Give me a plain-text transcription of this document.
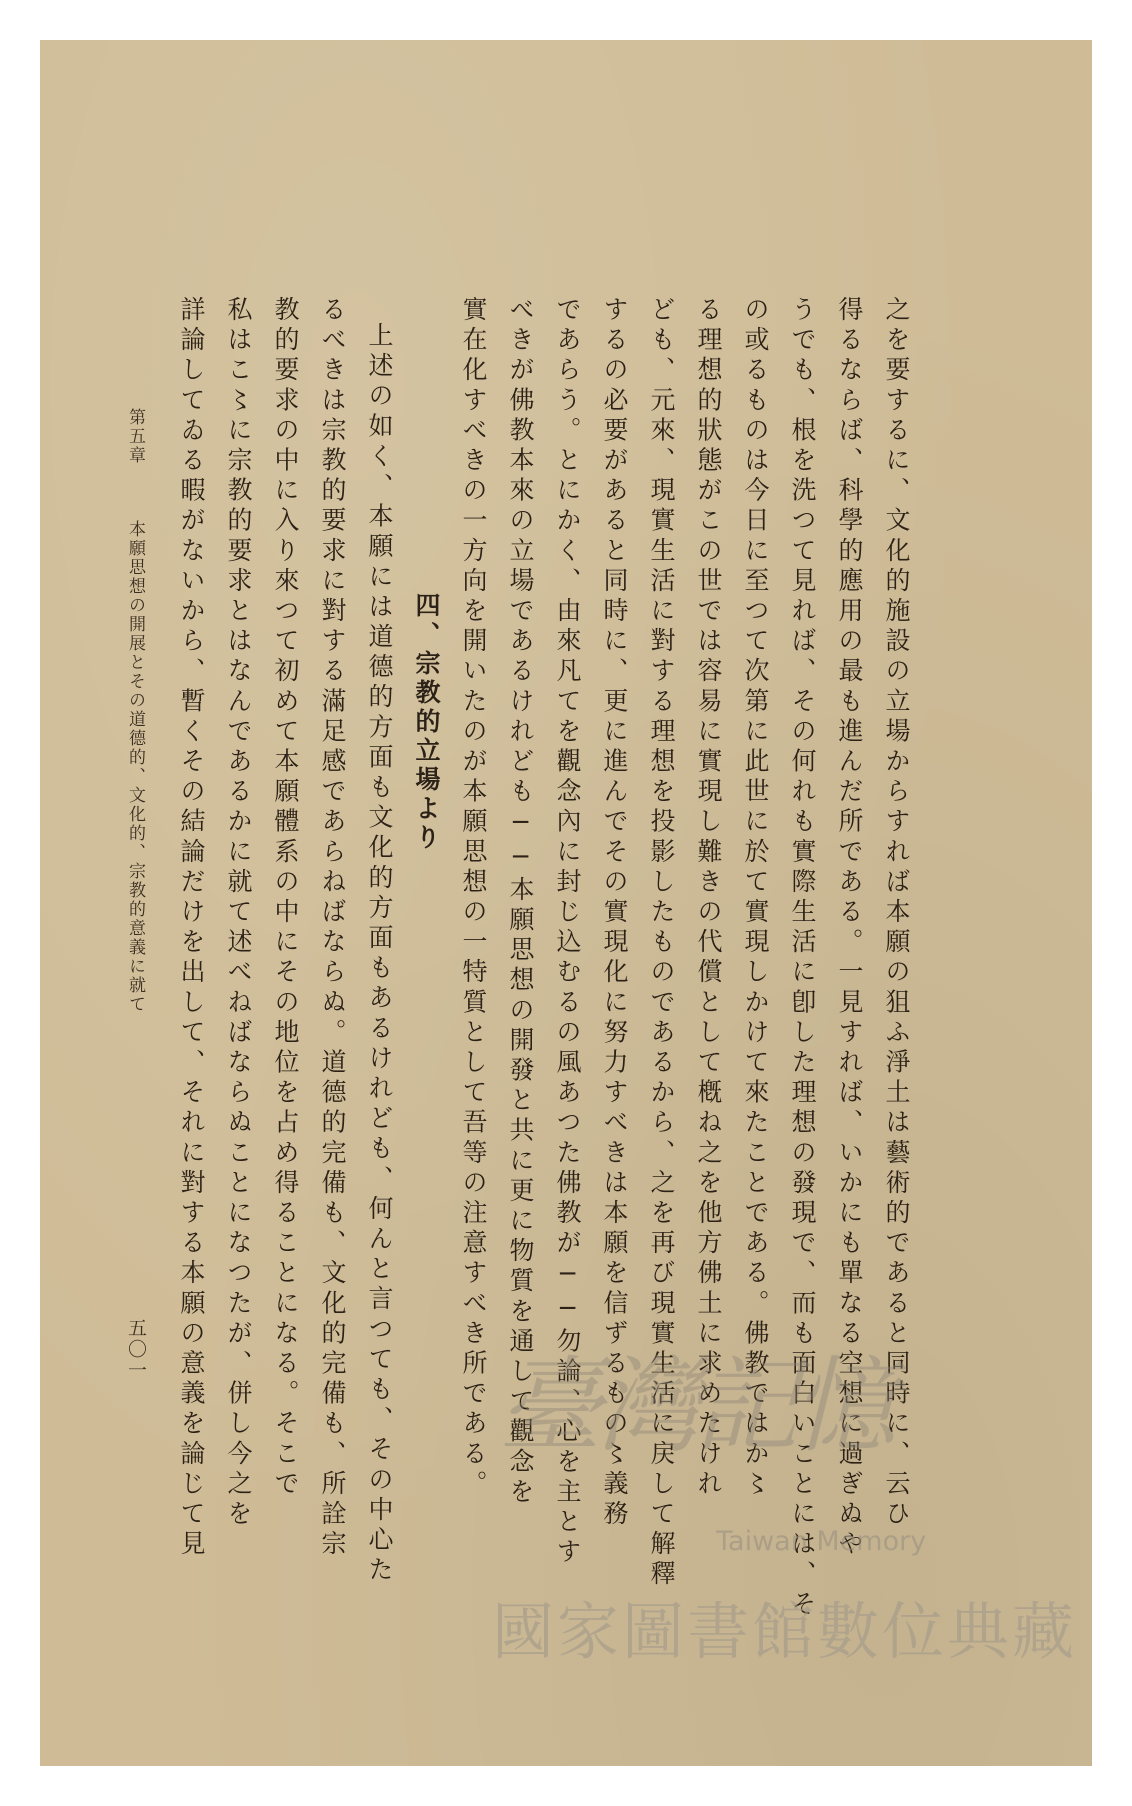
之を要するに、文化的施設の立場からすれば本願の狙ふ淨土は藝術的であると同時に、云ひ
得るならば、科學的應用の最も進んだ所である。一見すれば、いかにも單なる空想に過ぎぬや
うでも、根を洗つて見れば、その何れも實際生活に卽した理想の發現で、而も面白いことには、そ
の或るものは今日に至つて次第に此世に於て實現しかけて來たことである。佛教ではか〻
る理想的狀態がこの世では容易に實現し難きの代償として槪ね之を他方佛土に求めたけれ
ども、元來、現實生活に對する理想を投影したものであるから、之を再び現實生活に戻して解釋
するの必要があると同時に、更に進んでその實現化に努力すべきは本願を信ずるもの〻義務
であらう。とにかく、由來凡てを觀念內に封じ込むるの風あつた佛教が──勿論、心を主とす
べきが佛教本來の立場であるけれども──本願思想の開發と共に更に物質を通して觀念を
實在化すべきの一方向を開いたのが本願思想の一特質として吾等の注意すべき所である。
四、宗教的立場より
上述の如く、本願には道德的方面も文化的方面もあるけれども、何んと言つても、その中心た
るべきは宗教的要求に對する滿足感であらねばならぬ。道德的完備も、文化的完備も、所詮宗
教的要求の中に入り來つて初めて本願體系の中にその地位を占め得ることになる。そこで
私はこ〻に宗教的要求とはなんであるかに就て述べねばならぬことになつたが、併し今之を
詳論してゐる暇がないから、暫くその結論だけを出して、それに對する本願の意義を論じて見
第五章
本願思想の開展とその道德的、文化的、宗教的意義に就て
五〇一	臺灣記憶
Taiwan Memory
國家圖書館數位典藏
